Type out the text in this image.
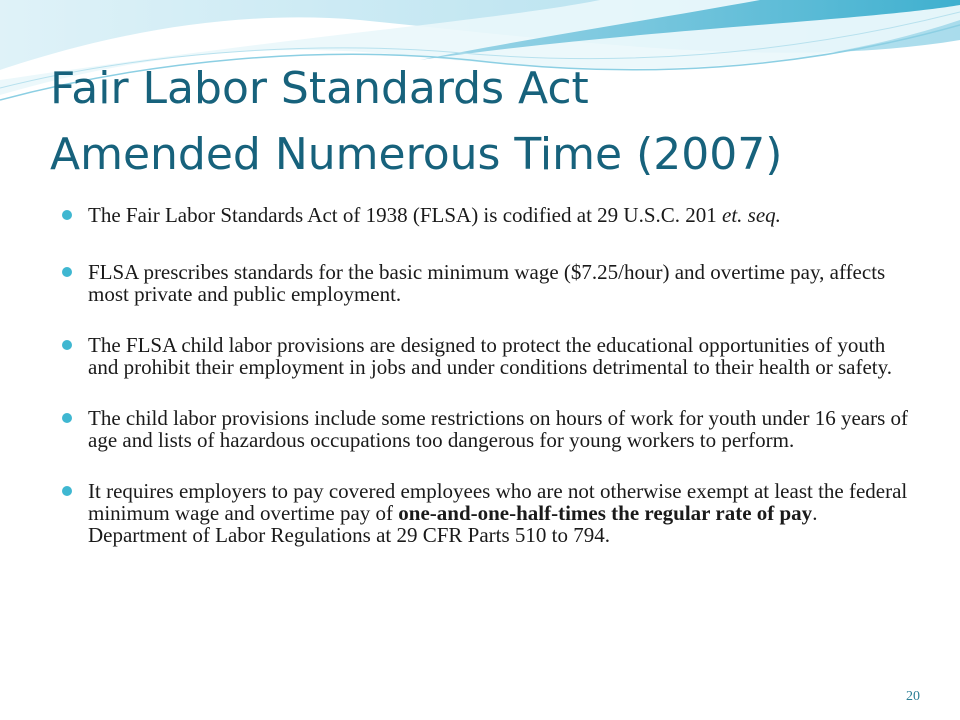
Fair Labor Standards Act
Amended Numerous Time (2007)
The Fair Labor Standards Act of 1938 (FLSA) is codified at 29 U.S.C. 201 et. seq.
FLSA prescribes standards for the basic minimum wage ($7.25/hour) and overtime pay, affects most private and public employment.
The FLSA child labor provisions are designed to protect the educational opportunities of youth and prohibit their employment in jobs and under conditions detrimental to their health or safety.
The child labor provisions include some restrictions on hours of work for youth under 16 years of age and lists of hazardous occupations too dangerous for young workers to perform.
It requires employers to pay covered employees who are not otherwise exempt at least the federal minimum wage and overtime pay of one-and-one-half-times the regular rate of pay. Department of Labor Regulations at 29 CFR Parts 510 to 794.
20
